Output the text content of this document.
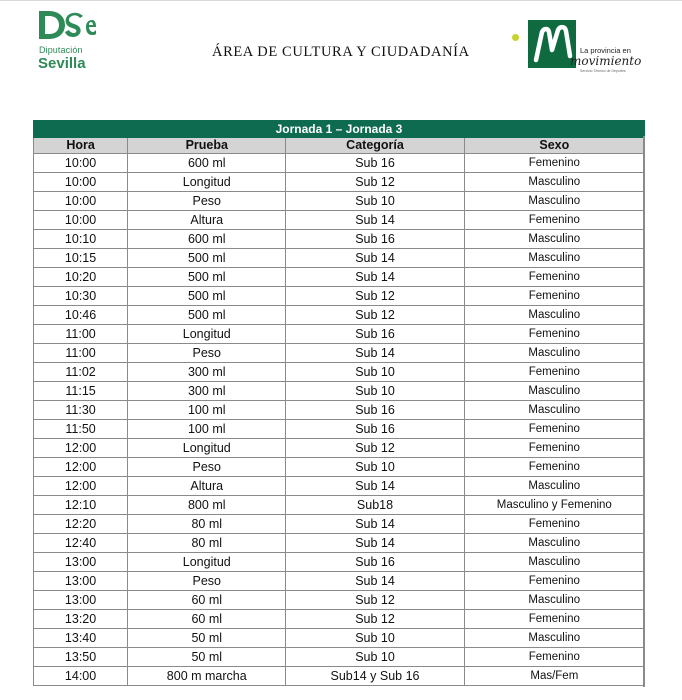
Diputación
Sevilla
ÁREA DE CULTURA Y CIUDADANÍA	La provincia en
movimiento
Servicio Técnico de Deportes
Jornada 1 – Jornada 3			
Hora	Prueba	Categoría	Sexo
10:00	600 ml	Sub 16	Femenino
10:00	Longitud	Sub 12	Masculino
10:00	Peso	Sub 10	Masculino
10:00	Altura	Sub 14	Femenino
10:10	600 ml	Sub 16	Masculino
10:15	500 ml	Sub 14	Masculino
10:20	500 ml	Sub 14	Femenino
10:30	500 ml	Sub 12	Femenino
10:46	500 ml	Sub 12	Masculino
11:00	Longitud	Sub 16	Femenino
11:00	Peso	Sub 14	Masculino
11:02	300 ml	Sub 10	Femenino
11:15	300 ml	Sub 10	Masculino
11:30	100 ml	Sub 16	Masculino
11:50	100 ml	Sub 16	Femenino
12:00	Longitud	Sub 12	Femenino
12:00	Peso	Sub 10	Femenino
12:00	Altura	Sub 14	Masculino
12:10	800 ml	Sub18	Masculino y Femenino
12:20	80 ml	Sub 14	Femenino
12:40	80 ml	Sub 14	Masculino
13:00	Longitud	Sub 16	Masculino
13:00	Peso	Sub 14	Femenino
13:00	60 ml	Sub 12	Masculino
13:20	60 ml	Sub 12	Femenino
13:40	50 ml	Sub 10	Masculino
13:50	50 ml	Sub 10	Femenino
14:00	800 m marcha	Sub14 y Sub 16	Mas/Fem
